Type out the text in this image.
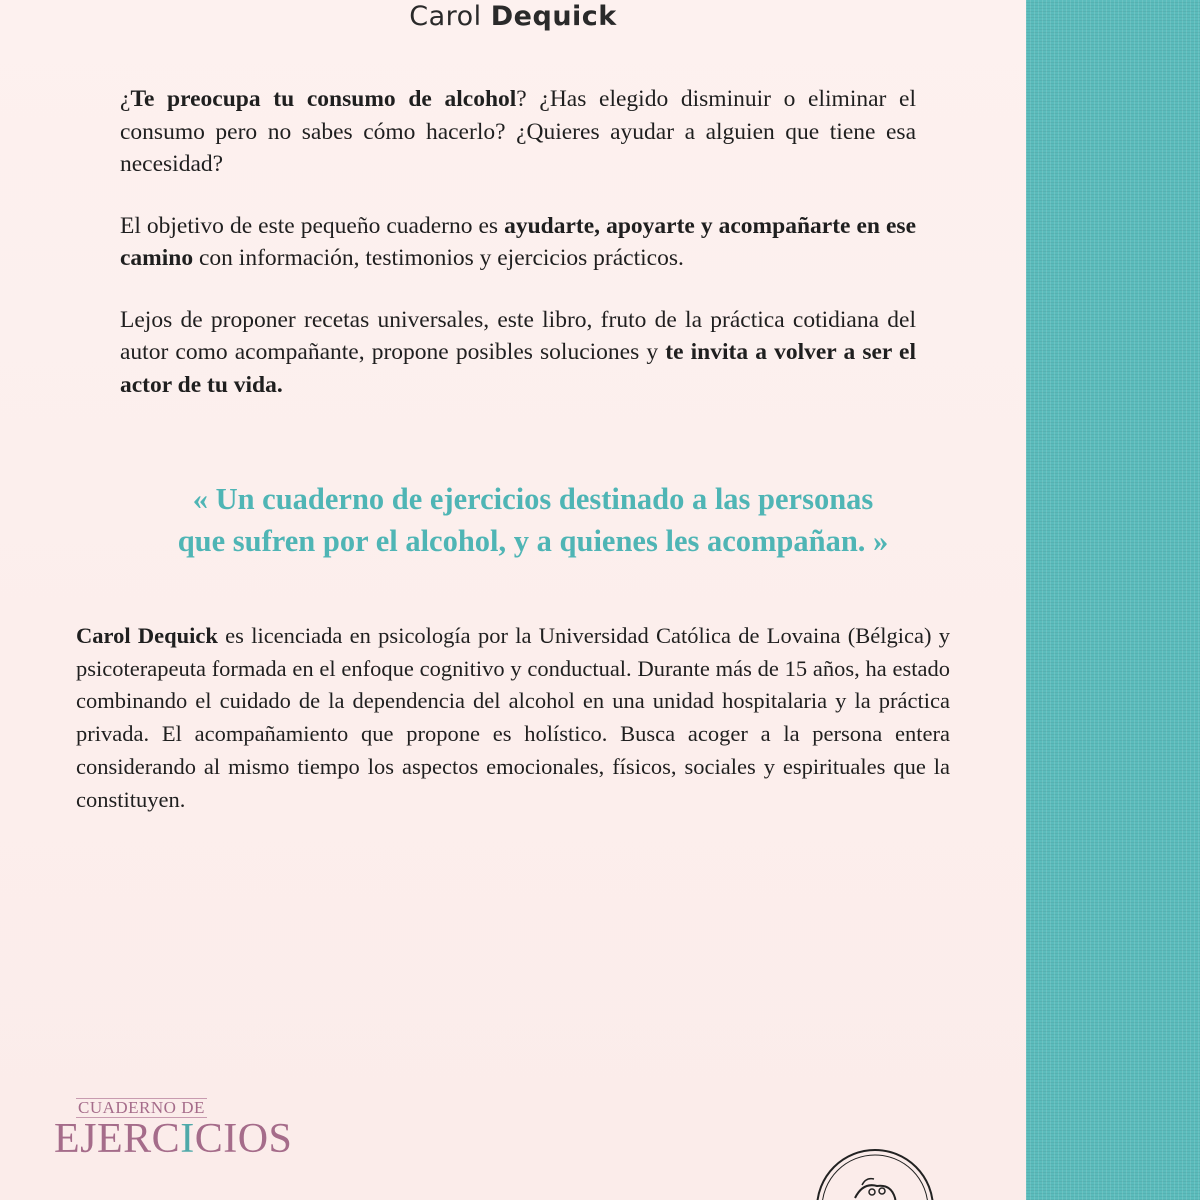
Carol Dequick

¿Te preocupa tu consumo de alcohol? ¿Has elegido disminuir o eliminar el consumo pero no sabes cómo hacerlo? ¿Quieres ayudar a alguien que tiene esa necesidad?

El objetivo de este pequeño cuaderno es ayudarte, apoyarte y acompañarte en ese camino con información, testimonios y ejercicios prácticos.

Lejos de proponer recetas universales, este libro, fruto de la práctica cotidiana del autor como acompañante, propone posibles soluciones y te invita a volver a ser el actor de tu vida.

« Un cuaderno de ejercicios destinado a las personas
que sufren por el alcohol, y a quienes les acompañan. »
Carol Dequick es licenciada en psicología por la Universidad Católica de Lovaina (Bélgica) y psicoterapeuta formada en el enfoque cognitivo y conductual. Durante más de 15 años, ha estado combinando el cuidado de la dependencia del alcohol en una unidad hospitalaria y la práctica privada. El acompañamiento que propone es holístico. Busca acoger a la persona entera considerando al mismo tiempo los aspectos emocionales, físicos, sociales y espirituales que la constituyen.
CUADERNO DE
EJERCICIOS
